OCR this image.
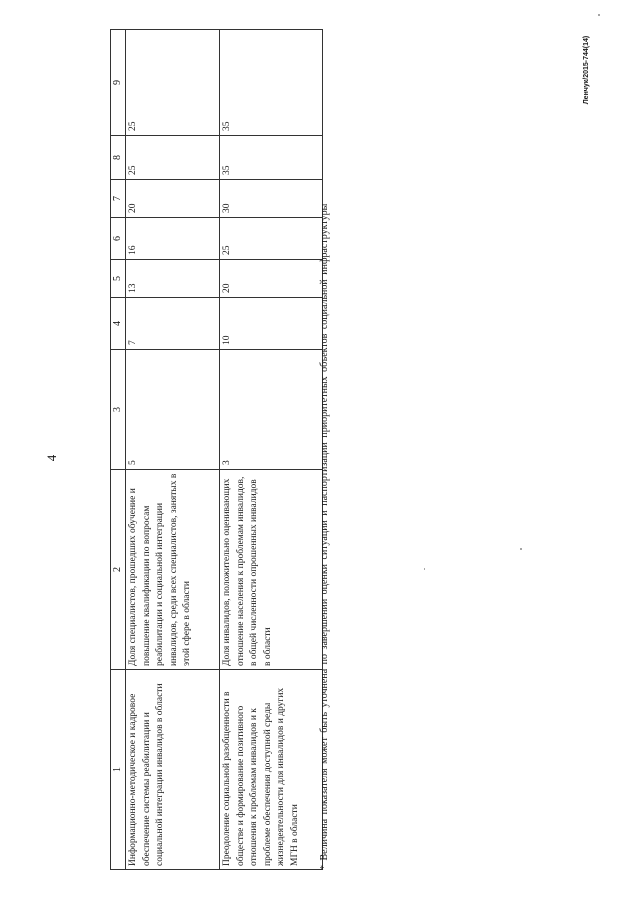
4
1	2	3	4	5	6	7	8	9
Информационно-методическое и кадровое обеспечение системы реабилитации и социальной интеграции инвалидов в области	Доля специалистов, прошедших обучение и повышение квалификации по вопросам реабилитации и социальной интеграции инвалидов, среди всех специалистов, занятых в этой сфере в области	5	7	13	16	20	25	25
Преодоление социальной разобщенности в обществе и формирование позитивного отношения к проблемам инвалидов и к проблеме обеспечения доступной среды жизнедеятельности для инвалидов и других МГН в области	Доля инвалидов, положительно оценивающих отношение населения к проблемам инвалидов, в общей численности опрошенных инвалидов в области	3	10	20	25	30	35	35
* Величина показателя может быть уточнена по завершении оценки ситуации и паспортизации приоритетных объектов социальной инфраструктуры
Ленчук/2015-744(14)
